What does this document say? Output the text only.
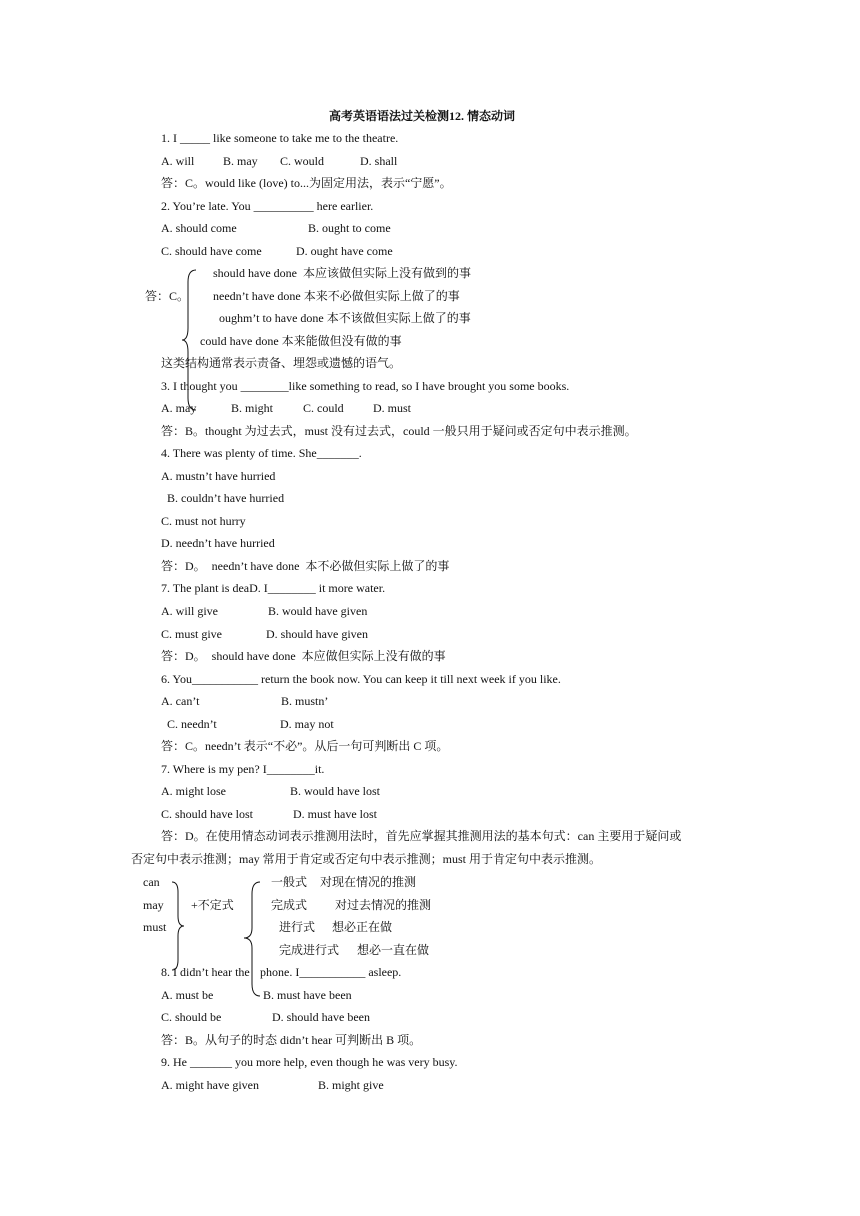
高考英语语法过关检测12. 情态动词
1. I _____ like someone to take me to the theatre.
A. will B. may C. would	D. shall
答：C。would like (love) to...为固定用法，表示“宁愿”。
2. You’re late. You __________ here earlier.
A. should come	B. ought to come
C. should have come	D. ought have come
should have done  本应该做但实际上没有做到的事
答：C。 needn’t have done 本来不必做但实际上做了的事
oughm’t to have done 本不该做但实际上做了的事
could have done 本来能做但没有做的事
这类结构通常表示责备、埋怨或遗憾的语气。
3. I thought you ________like something to read, so I have brought you some books.
A. may	B. might C. could D. must
答：B。thought 为过去式，must 没有过去式，could 一般只用于疑问或否定句中表示推测。
4. There was plenty of time. She_______.
A. mustn’t have hurried
B. couldn’t have hurried
C. must not hurry
D. needn’t have hurried
答：D。  needn’t have done  本不必做但实际上做了的事
7. The plant is deaD. I________ it more water.
A. will give	B. would have given
C. must give	D. should have given
答：D。  should have done  本应做但实际上没有做的事
6. You___________ return the book now. You can keep it till next week if you like.
A. can’t	B. mustn’
C. needn’t	D. may not
答：C。needn’t 表示“不必”。从后一句可判断出 C 项。
7. Where is my pen? I________it.
A. might lose	B. would have lost
C. should have lost	D. must have lost
答：D。在使用情态动词表示推测用法时，首先应掌握其推测用法的基本句式：can 主要用于疑问或
否定句中表示推测；may 常用于肯定或否定句中表示推测；must 用于肯定句中表示推测。
can
may
must
+不定式
一般式 对现在情况的推测
完成式 对过去情况的推测
进行式 想必正在做
完成进行式 想必一直在做
8. I didn’t hear the phone. I___________ asleep.
A. must be	B. must have been
C. should be	D. should have been
答：B。从句子的时态 didn’t hear 可判断出 B 项。
9. He _______ you more help, even though he was very busy.
A. might have given	B. might give
